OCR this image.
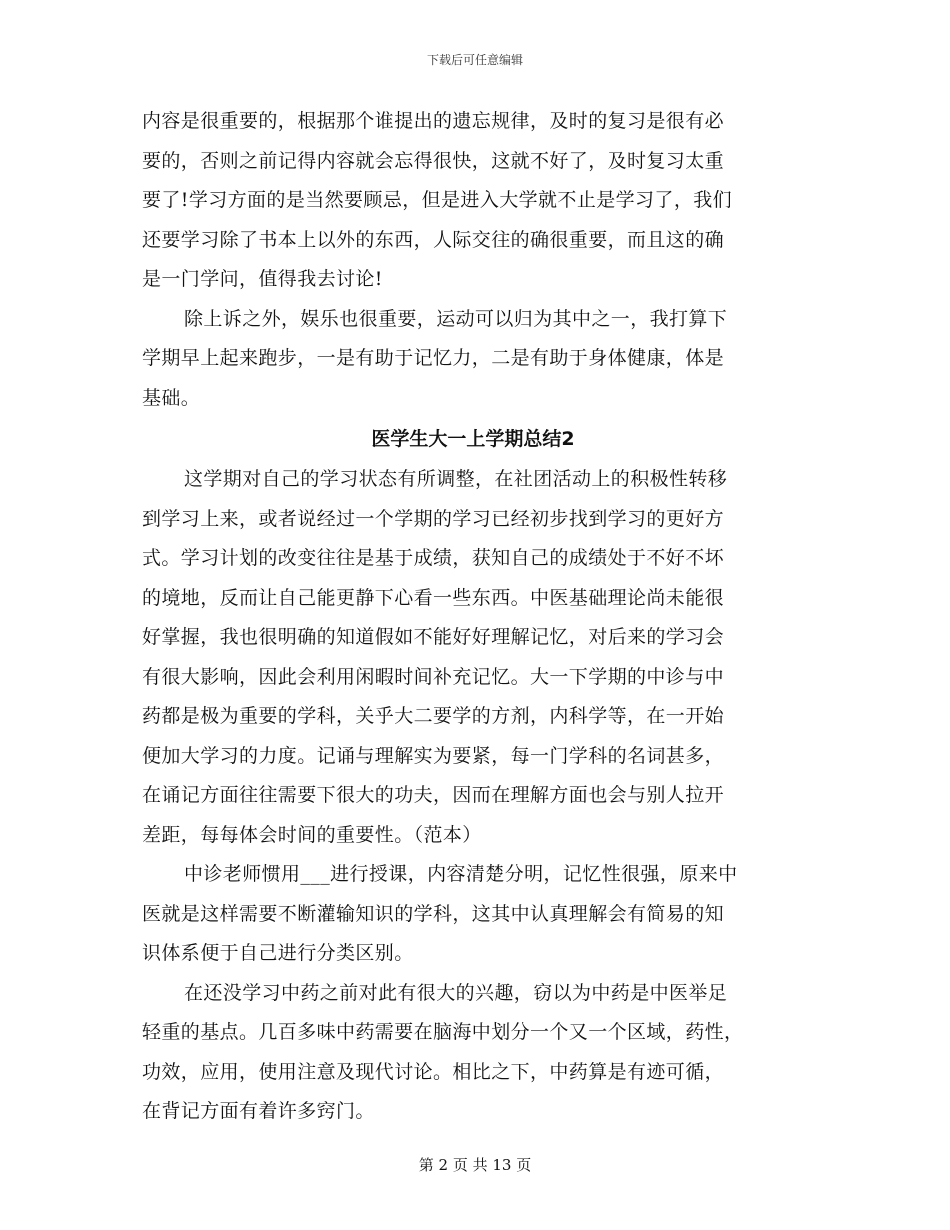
下载后可任意编辑
内容是很重要的，根据那个谁提出的遗忘规律，及时的复习是很有必
要的，否则之前记得内容就会忘得很快，这就不好了，及时复习太重
要了!学习方面的是当然要顾忌，但是进入大学就不止是学习了，我们
还要学习除了书本上以外的东西，人际交往的确很重要，而且这的确
是一门学问，值得我去讨论!
除上诉之外，娱乐也很重要，运动可以归为其中之一，我打算下
学期早上起来跑步，一是有助于记忆力，二是有助于身体健康，体是
基础。
医学生大一上学期总结2
这学期对自己的学习状态有所调整，在社团活动上的积极性转移
到学习上来，或者说经过一个学期的学习已经初步找到学习的更好方
式。学习计划的改变往往是基于成绩，获知自己的成绩处于不好不坏
的境地，反而让自己能更静下心看一些东西。中医基础理论尚未能很
好掌握，我也很明确的知道假如不能好好理解记忆，对后来的学习会
有很大影响，因此会利用闲暇时间补充记忆。大一下学期的中诊与中
药都是极为重要的学科，关乎大二要学的方剂，内科学等，在一开始
便加大学习的力度。记诵与理解实为要紧，每一门学科的名词甚多，
在诵记方面往往需要下很大的功夫，因而在理解方面也会与别人拉开
差距，每每体会时间的重要性。（范本）
中诊老师惯用___进行授课，内容清楚分明，记忆性很强，原来中
医就是这样需要不断灌输知识的学科，这其中认真理解会有简易的知
识体系便于自己进行分类区别。
在还没学习中药之前对此有很大的兴趣，窃以为中药是中医举足
轻重的基点。几百多味中药需要在脑海中划分一个又一个区域，药性，
功效，应用，使用注意及现代讨论。相比之下，中药算是有迹可循，
在背记方面有着许多窍门。
第 2 页 共 13 页
